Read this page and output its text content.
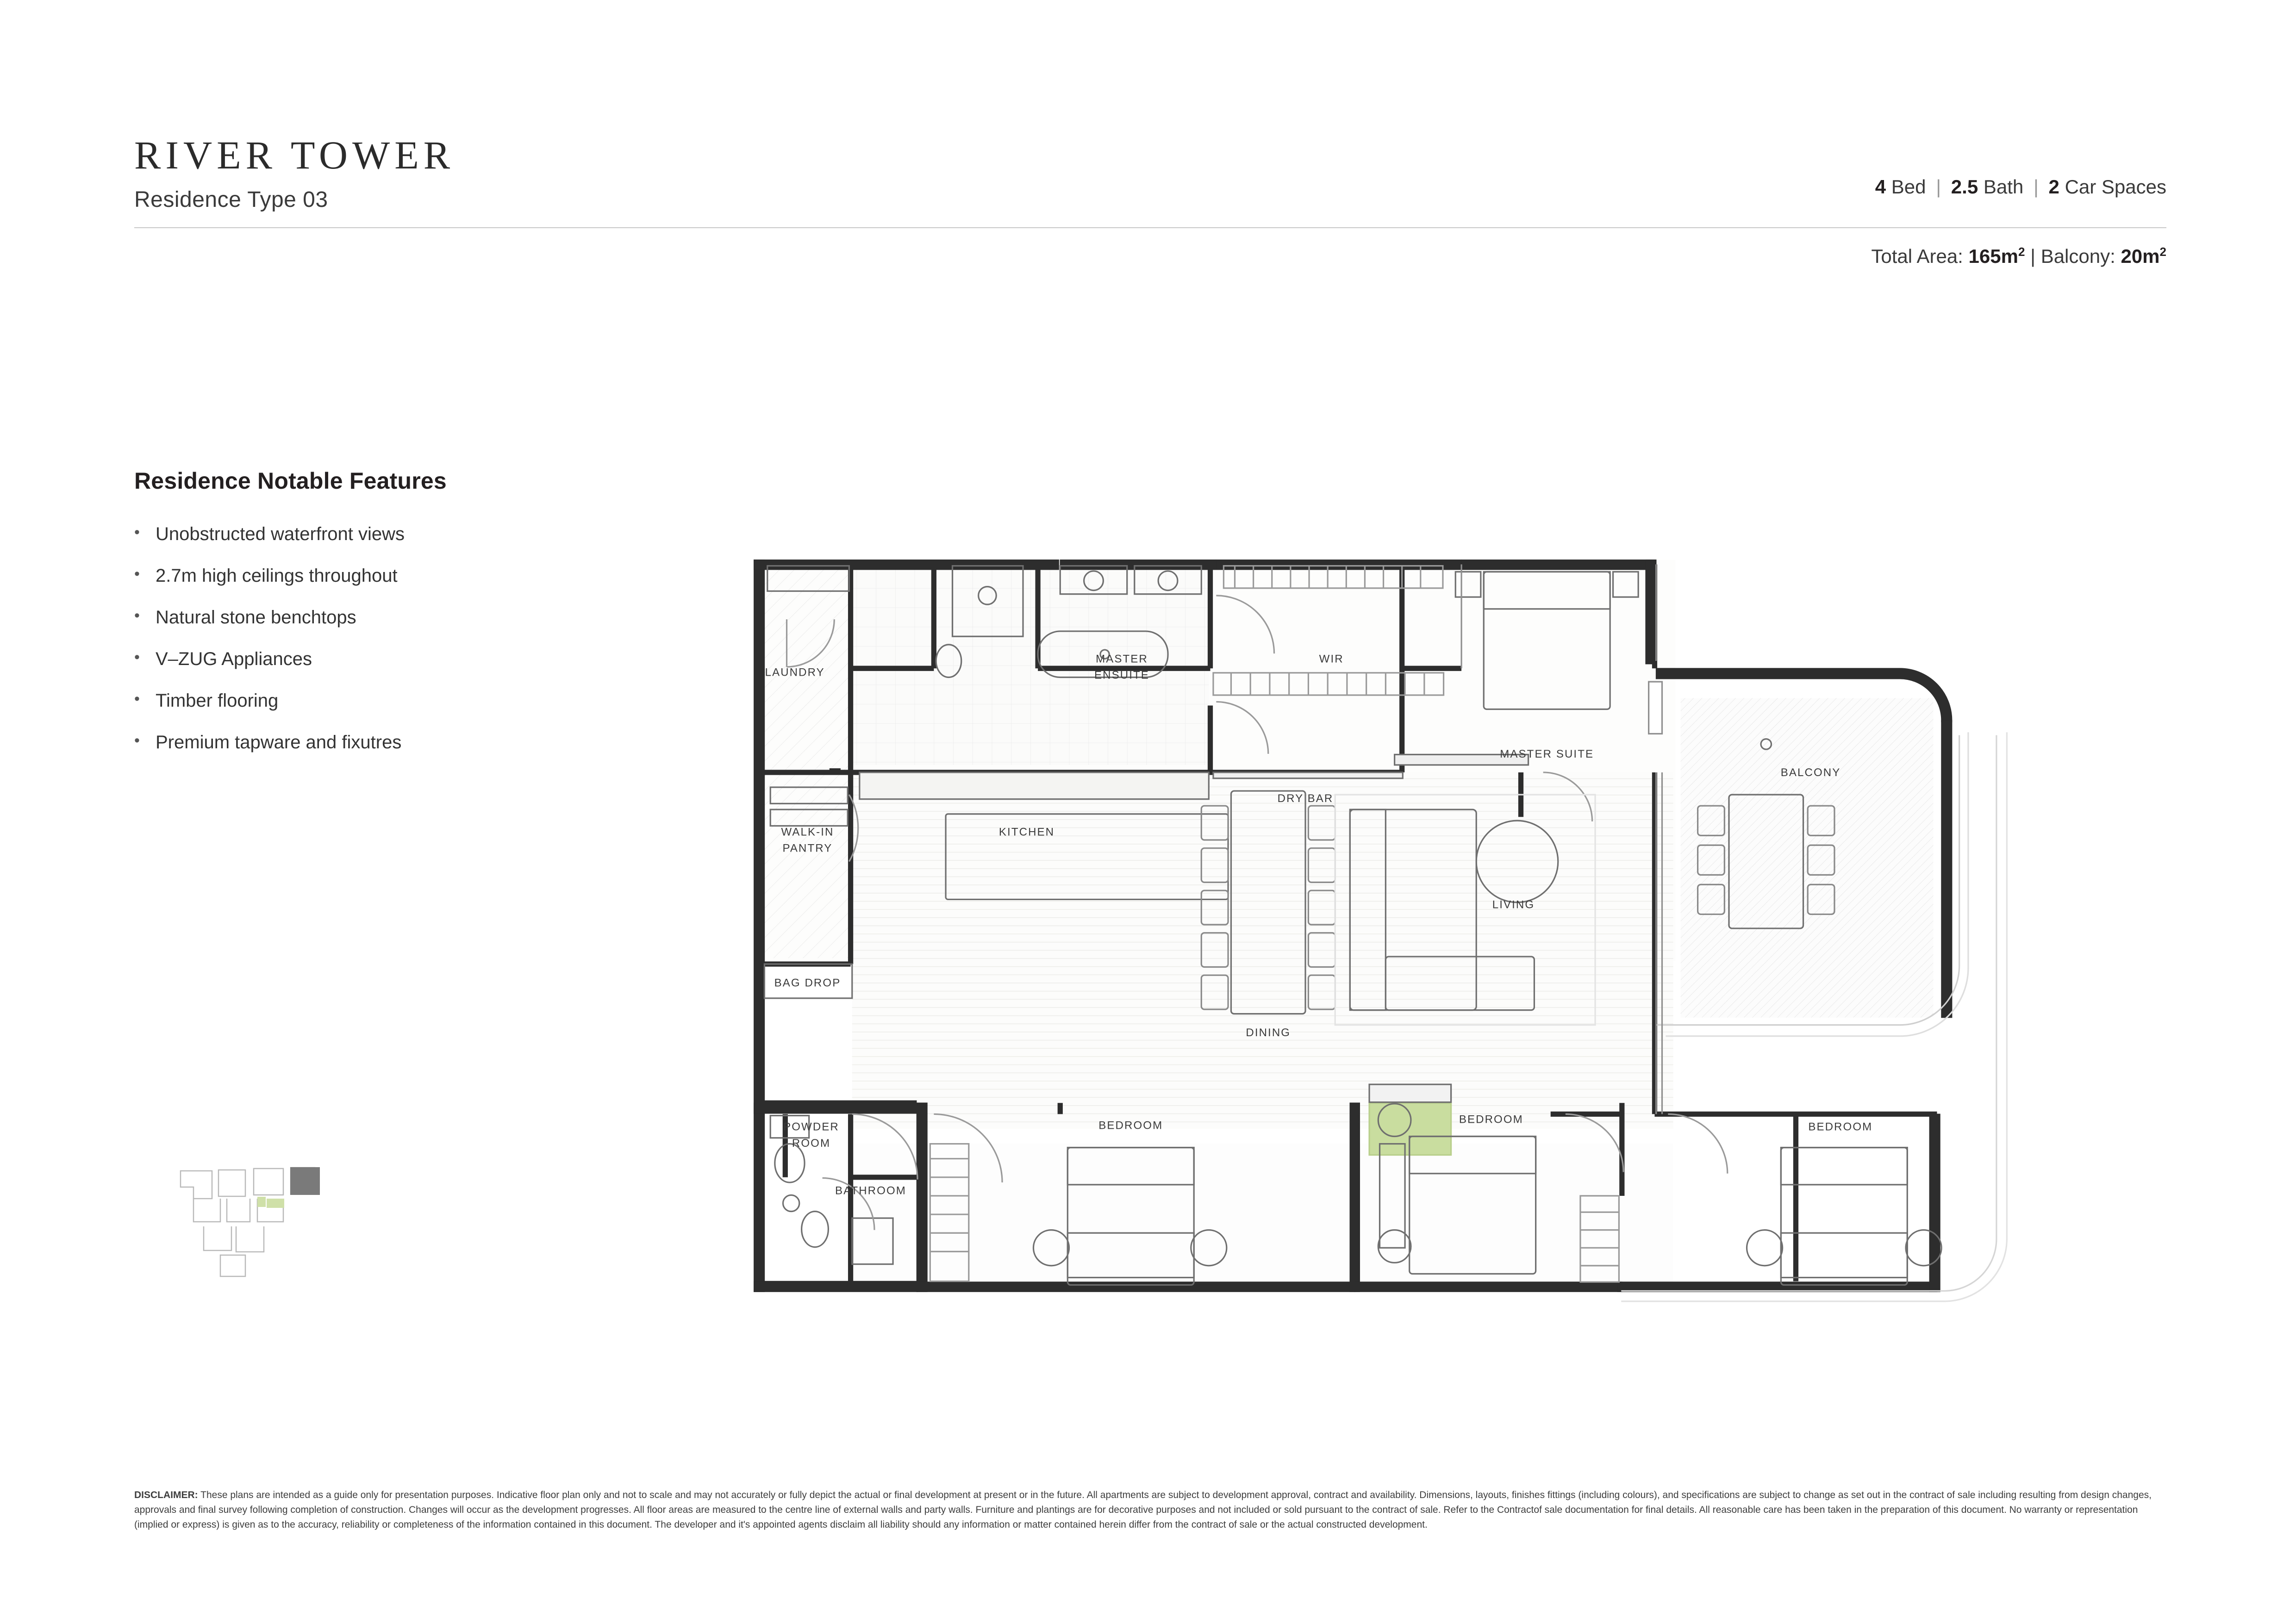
RIVER TOWER
Residence Type 03
4 Bed | 2.5 Bath | 2 Car Spaces
Total Area: $165m^2$ | Balcony: $20m^2$
Residence Notable Features
• Unobstructed waterfront views
• 2.7m high ceilings throughout
• Natural stone benchtops
• V–ZUG Appliances
• Timber flooring
• Premium tapware and fixutres
LAUNDRY
MASTER
ENSUITE
WIR
MASTER SUITE
BALCONY
DRY BAR
WALK-IN
PANTRY
KITCHEN
LIVING
DINING
BAG DROP
POWDER
ROOM
BATHROOM
BEDROOM	BEDROOM
BEDROOM
DISCLAIMER: These plans are intended as a guide only for presentation purposes. Indicative floor plan only and not to scale and may not accurately or fully depict the actual or final development at present or in the future. All apartments are subject to development approval, contract and availability. Dimensions, layouts, finishes fittings (including colours), and specifications are subject to change as set out in the contract of sale including resulting from design changes, approvals and final survey following completion of construction. Changes will occur as the development progresses. All floor areas are measured to the centre line of external walls and party walls. Furniture and plantings are for decorative purposes and not included or sold pursuant to the contract of sale. Refer to the Contractof sale documentation for final details. All reasonable care has been taken in the preparation of this document. No warranty or representation (implied or express) is given as to the accuracy, reliability or completeness of the information contained in this document. The developer and it's appointed agents disclaim all liability should any information or matter contained herein differ from the contract of sale or the actual constructed development.
